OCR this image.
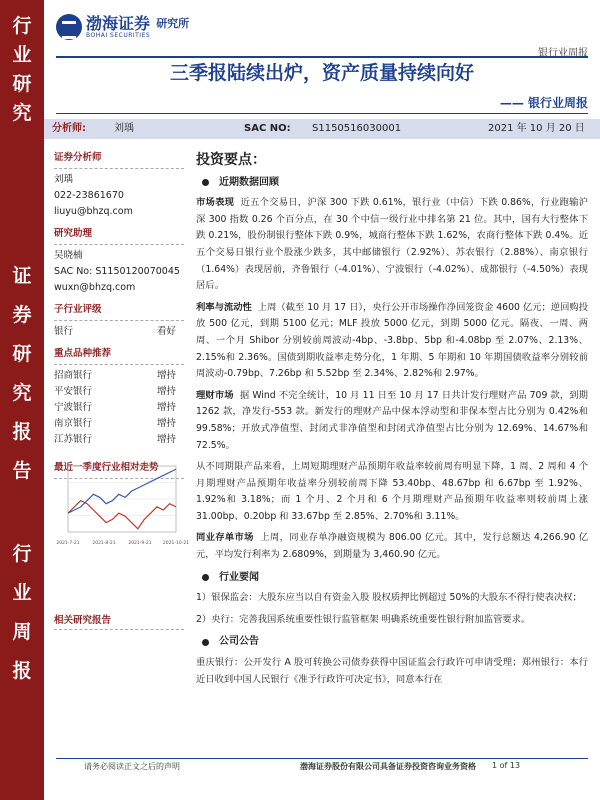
行
业
研
究
证
券
研
究
报
告
行
业
周
报
渤海证券
BOHAI SECURITIES
研究所
银行业周报
三季报陆续出炉，资产质量持续向好
—— 银行业周报
分析师:	刘瑀	SAC NO: S1150516030001	2021 年 10 月 20 日
证券分析师
刘瑀
022-23861670
liuyu@bhzq.com
研究助理
吴晓楠
SAC No: S1150120070045
wuxn@bhzq.com
子行业评级
银行	看好
重点品种推荐
招商银行	增持
平安银行	增持
宁波银行	增持
南京银行	增持
江苏银行	增持
最近一季度行业相对走势
2021-7-21	2021-8-21	2021-9-21	2021-10-21
相关研究报告
投资要点：
近期数据回顾
市场表现 近五个交易日，沪深 300 下跌 0.61%，银行业（中信）下跌 0.86%，行业跑输沪深 300 指数 0.26 个百分点，在 30 个中信一级行业中排名第 21 位。其中，国有大行整体下跌 0.21%，股份制银行整体下跌 0.9%，城商行整体下跌 1.62%，农商行整体下跌 0.4%。近五个交易日银行业个股涨少跌多，其中邮储银行（2.92%）、苏农银行（2.88%）、南京银行（1.64%）表现居前，齐鲁银行（-4.01%）、宁波银行（-4.02%）、成都银行（-4.50%）表现居后。
利率与流动性 上周（截至 10 月 17 日），央行公开市场操作净回笼资金 4600 亿元；逆回购投放 500 亿元，到期 5100 亿元；MLF 投放 5000 亿元，到期 5000 亿元。隔夜、一周、两周、一个月 Shibor 分别较前周波动-4bp、-3.8bp、5bp 和-4.08bp 至 2.07%、2.13%、2.15%和 2.36%。国债到期收益率走势分化，1 年期、5 年期和 10 年期国债收益率分别较前周波动-0.79bp、7.26bp 和 5.52bp 至 2.34%、2.82%和 2.97%。
理财市场 据 Wind 不完全统计，10 月 11 日至 10 月 17 日共计发行理财产品 709 款，到期 1262 款，净发行-553 款。新发行的理财产品中保本浮动型和非保本型占比分别为 0.42%和 99.58%；开放式净值型、封闭式非净值型和封闭式净值型占比分别为 12.69%、14.67%和 72.5%。
从不同期限产品来看，上周短期理财产品预期年收益率较前周有明显下降，1 周、2 周和 4 个月期理财产品预期年收益率分别较前周下降 53.40bp、48.67bp 和 6.67bp 至 1.92%、1.92%和 3.18%；而 1 个月、2 个月和 6 个月期理财产品预期年收益率则较前周上涨 31.00bp、0.20bp 和 33.67bp 至 2.85%、2.70%和 3.11%。
同业存单市场 上周，同业存单净融资规模为 806.00 亿元。其中，发行总额达 4,266.90 亿元，平均发行利率为 2.6809%，到期量为 3,460.90 亿元。
行业要闻
1）银保监会：大股东应当以自有资金入股 股权质押比例超过 50%的大股东不得行使表决权；
2）央行：完善我国系统重要性银行监管框架 明确系统重要性银行附加监管要求。
公司公告
重庆银行：公开发行 A 股可转换公司债券获得中国证监会行政许可申请受理；郑州银行：本行近日收到中国人民银行《准予行政许可决定书》，同意本行在
请务必阅读正文之后的声明	渤海证券股份有限公司具备证券投资咨询业务资格 1 of 13
